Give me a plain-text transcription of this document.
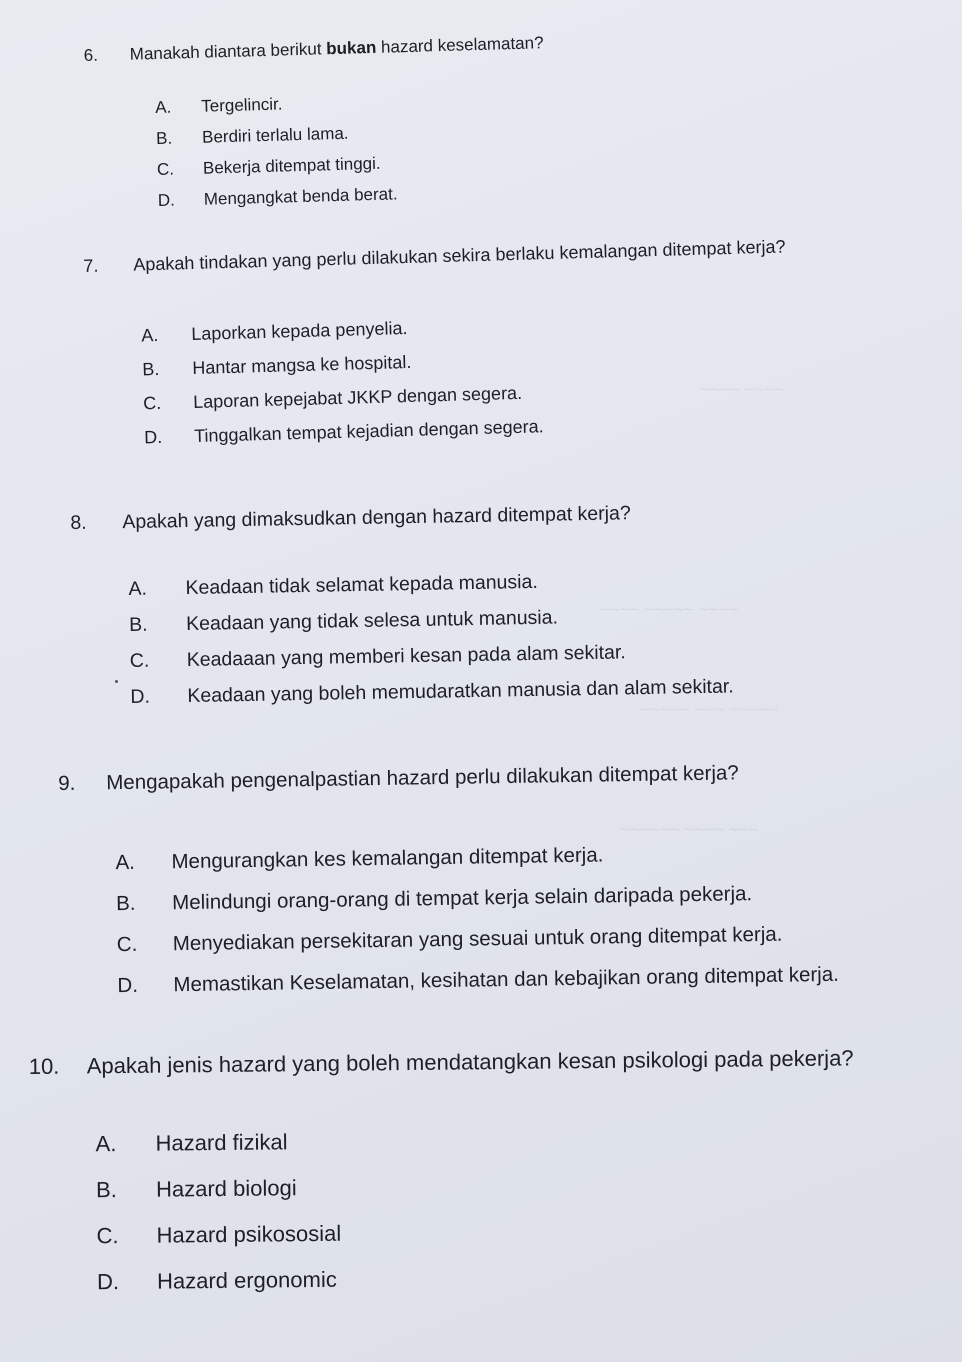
~~~~ ~~~~~ ~~~~
~~~~~ ~~~ ~~~~~
~~~~~~ ~~~~ ~~~
~~~~ ~~~~
6.	Manakah diantara berikut bukan hazard keselamatan?
A.	Tergelincir.
B.	Berdiri terlalu lama.
C.	Bekerja ditempat tinggi.
D.	Mengangkat benda berat.
7.	Apakah tindakan yang perlu dilakukan sekira berlaku kemalangan ditempat kerja?
A.	Laporkan kepada penyelia.
B.	Hantar mangsa ke hospital.
C.	Laporan kepejabat JKKP dengan segera.
D.	Tinggalkan tempat kejadian dengan segera.
8.	Apakah yang dimaksudkan dengan hazard ditempat kerja?
A.	Keadaan tidak selamat kepada manusia.
B.	Keadaan yang tidak selesa untuk manusia.
C.	Keadaaan yang memberi kesan pada alam sekitar.
D.	Keadaan yang boleh memudaratkan manusia dan alam sekitar.
9.	Mengapakah pengenalpastian hazard perlu dilakukan ditempat kerja?
A.	Mengurangkan kes kemalangan ditempat kerja.
B.	Melindungi orang-orang di tempat kerja selain daripada pekerja.
C.	Menyediakan persekitaran yang sesuai untuk orang ditempat kerja.
D.	Memastikan Keselamatan, kesihatan dan kebajikan orang ditempat kerja.
10.	Apakah jenis hazard yang boleh mendatangkan kesan psikologi pada pekerja?
A.	Hazard fizikal
B.	Hazard biologi
C.	Hazard psikososial
D.	Hazard ergonomic
